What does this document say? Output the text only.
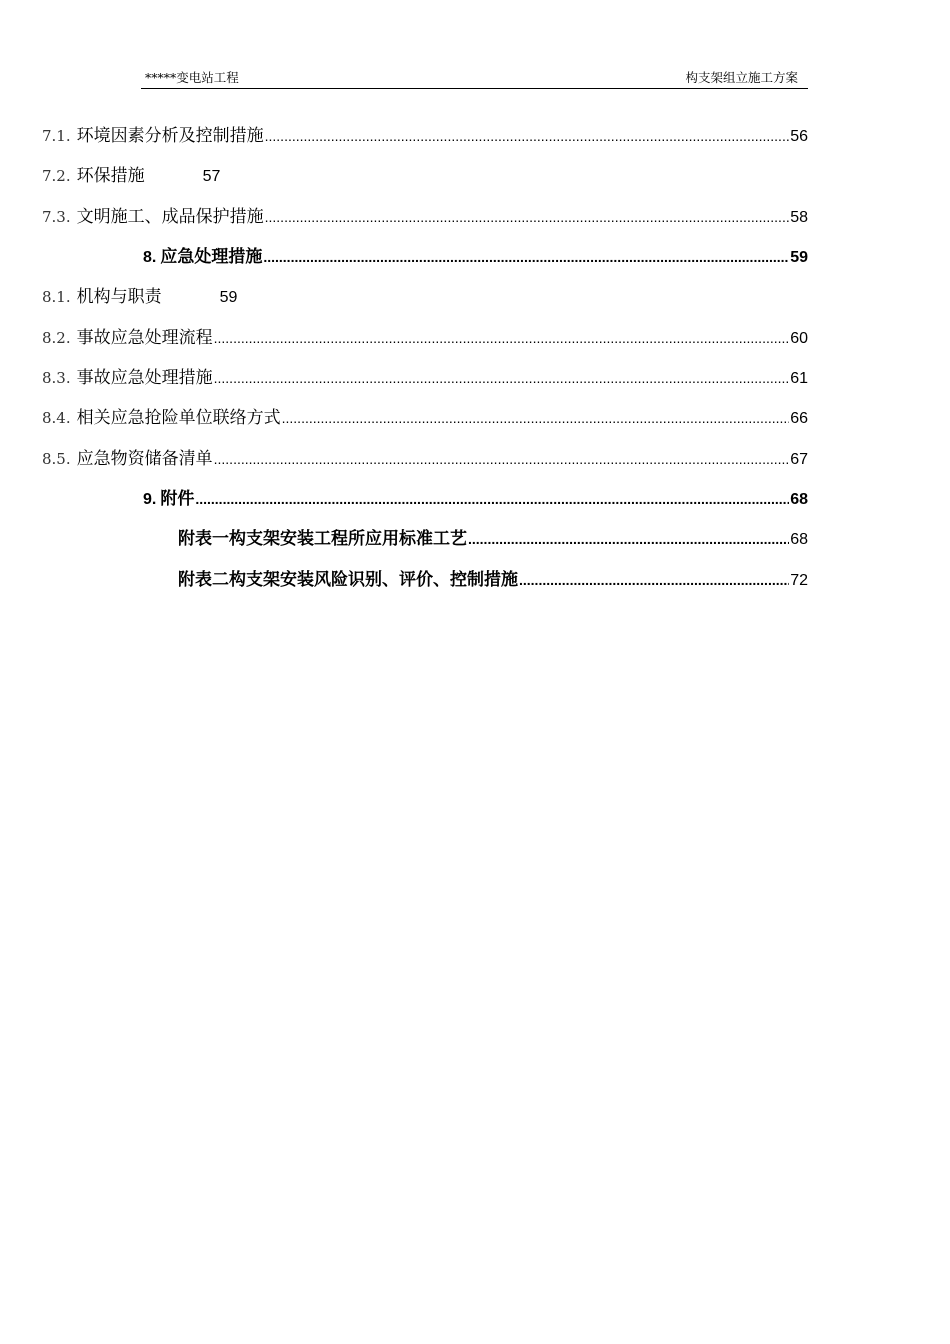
*****变电站工程	构支架组立施工方案
7.1. 环境因素分析及控制措施 .....	56
7.2. 环保措施	57
7.3. 文明施工、成品保护措施 .....	58
8. 应急处理措施 .....	59
8.1. 机构与职责	59
8.2. 事故应急处理流程 .....	60
8.3. 事故应急处理措施 .....	61
8.4. 相关应急抢险单位联络方式 .....	66
8.5. 应急物资储备清单 .....	67
9. 附件 .....	68
附表一构支架安装工程所应用标准工艺 .....	68
附表二构支架安装风险识别、评价、控制措施 .....	72
